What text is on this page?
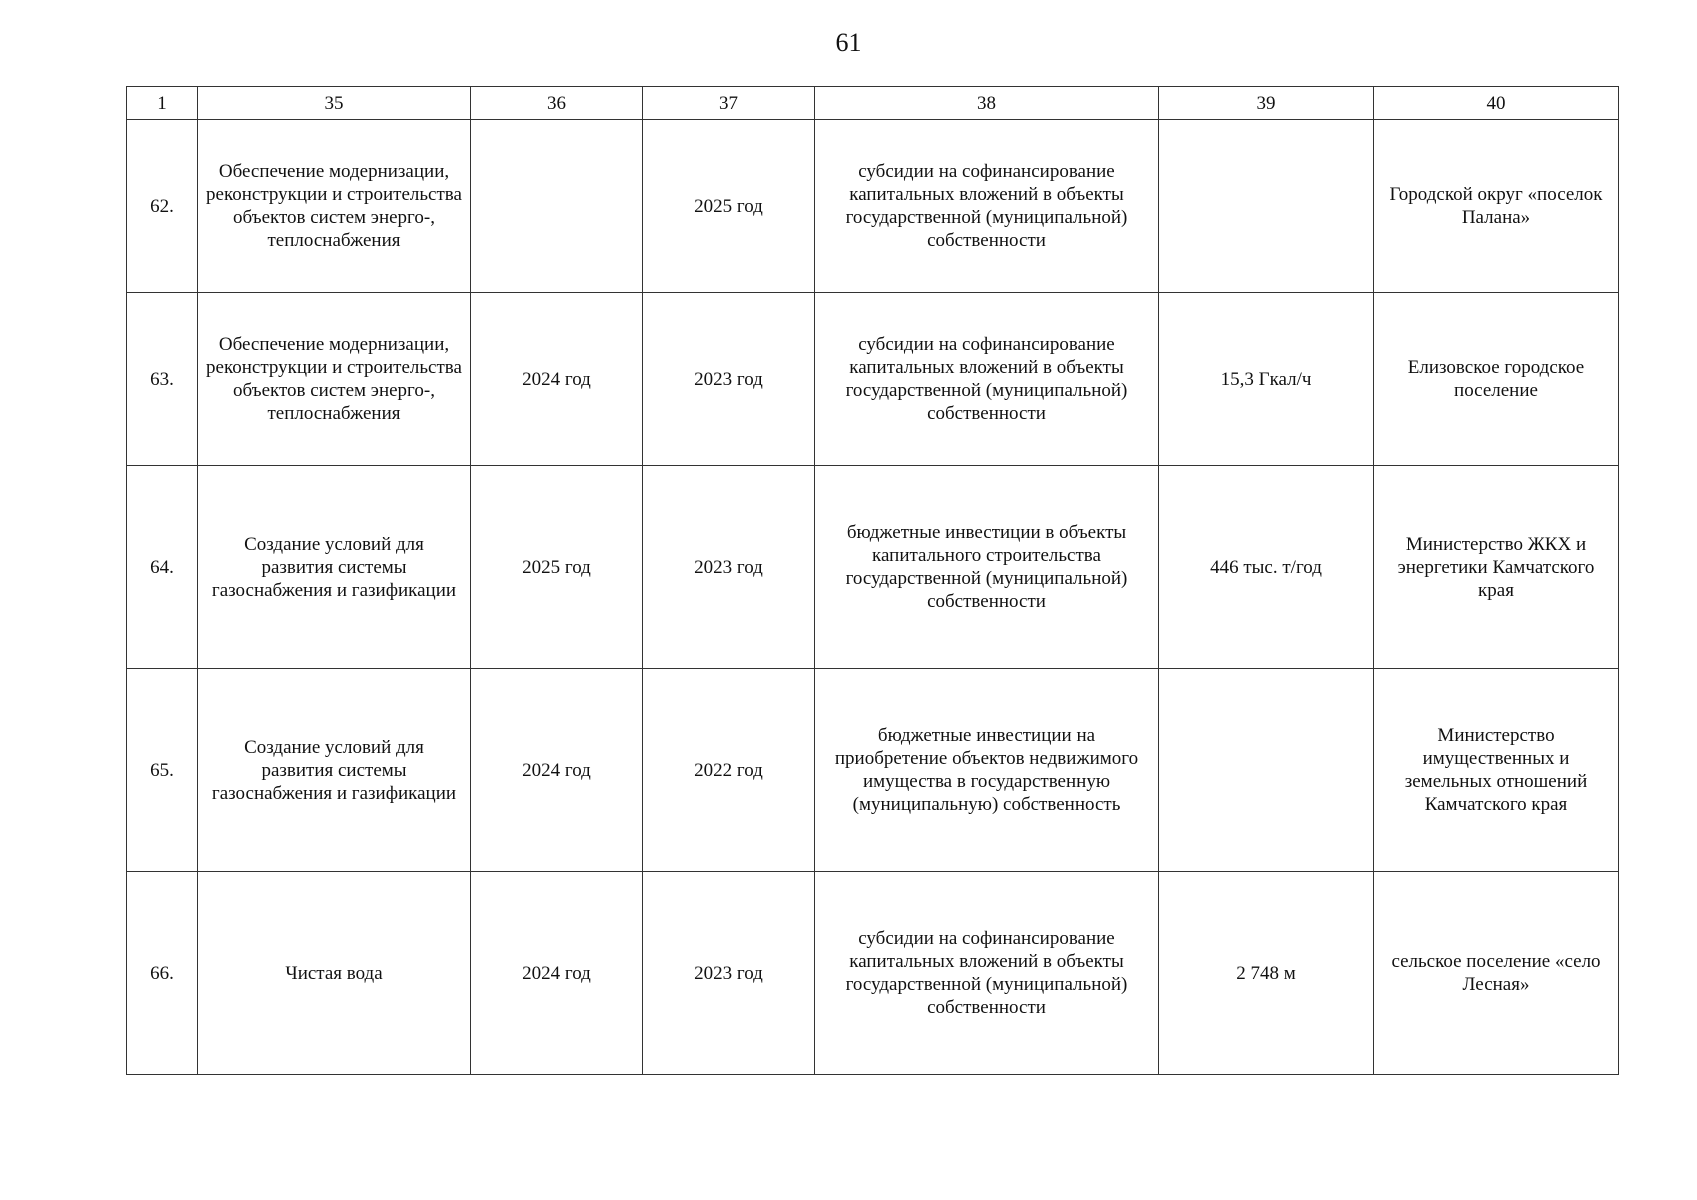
61
1	35	36	37	38	39	40
62.	Обеспечение модернизации, реконструкции и строительства объектов систем энерго-, теплоснабжения		2025 год	субсидии на софинансирование капитальных вложений в объекты государственной (муниципальной) собственности		Городской округ «поселок Палана»
63.	Обеспечение модернизации, реконструкции и строительства объектов систем энерго-, теплоснабжения	2024 год	2023 год	субсидии на софинансирование капитальных вложений в объекты государственной (муниципальной) собственности	15,3 Гкал/ч	Елизовское городское поселение
64.	Создание условий для развития системы газоснабжения и газификации	2025 год	2023 год	бюджетные инвестиции в объекты капитального строительства государственной (муниципальной) собственности	446 тыс. т/год	Министерство ЖКХ и энергетики Камчатского края
65.	Создание условий для развития системы газоснабжения и газификации	2024 год	2022 год	бюджетные инвестиции на приобретение объектов недвижимого имущества в государственную (муниципальную) собственность		Министерство имущественных и земельных отношений Камчатского края
66.	Чистая вода	2024 год	2023 год	субсидии на софинансирование капитальных вложений в объекты государственной (муниципальной) собственности	2 748 м	сельское поселение «село Лесная»
